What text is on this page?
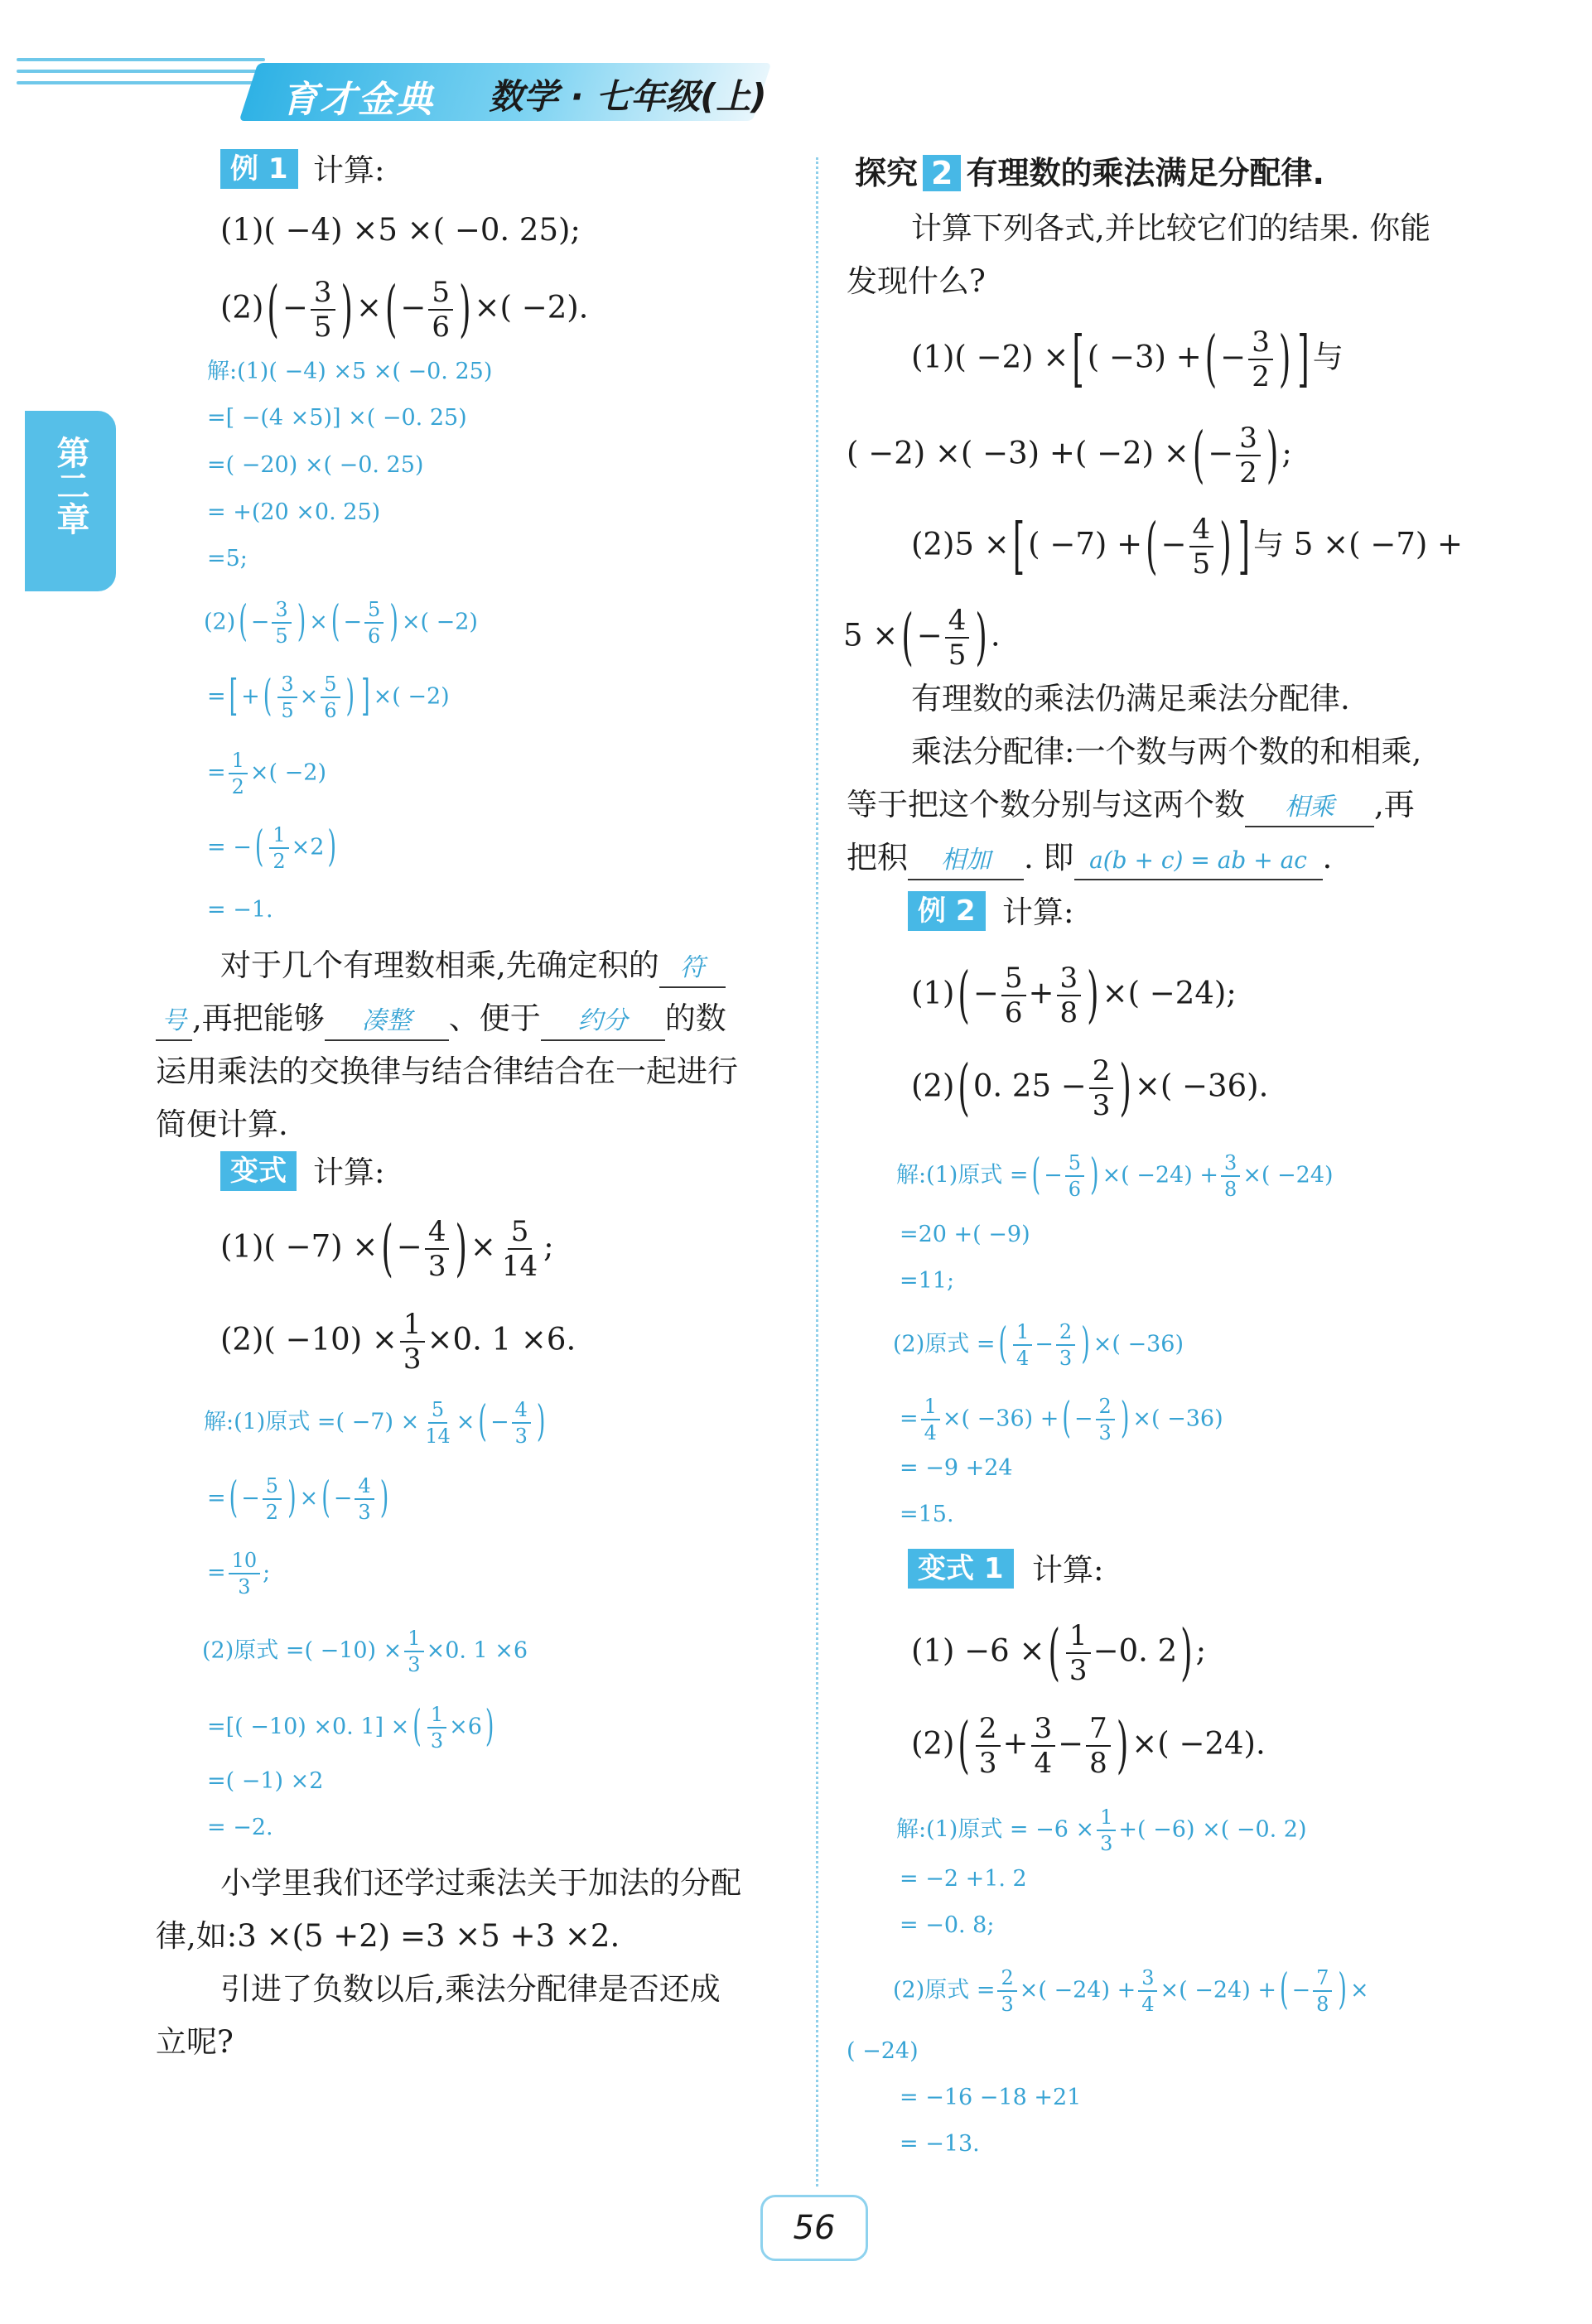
育才金典 数学 · 七年级(上)
第二章
例 1 计算:
(1)( −4) ×5 ×( −0. 25);
(2) ( − $\frac{3}{5}$ ) × ( − $\frac{5}{6}$ ) ×( −2).
解:(1)( −4) ×5 ×( −0. 25)
=[ −(4 ×5)] ×( −0. 25)
=( −20) ×( −0. 25)
= +(20 ×0. 25)
=5;
(2) ( − $\frac{3}{5}$ ) × ( − $\frac{5}{6}$ ) ×( −2)
= [ + ( $\frac{3}{5} \times \frac{5}{6}$ ) ] ×( −2)
= $\frac{1}{2}$ ×( −2)
= − ( $\frac{1}{2} \times 2$ )
= −1.
对于几个有理数相乘,先确定积的 符
号 ,再把能够 凑整 、便于 约分 的数
运用乘法的交换律与结合律结合在一起进行
简便计算.
变式 计算:
(1)( −7) × ( − $\frac{4}{3}$ ) × $\frac{5}{14}$ ;
$(2)( -10) \times \frac{1}{3} \times 0$. 1 ×6.
解:(1)原式 =( $-7) \times \frac{5}{14}$ × ( − $\frac{4}{3}$ )
= ( − $\frac{5}{2}$ ) × ( − $\frac{4}{3}$ )
= $\frac{10}{3}$ ;
(2)原式 =( $-10) \times \frac{1}{3} \times 0$. 1 ×6
=[( −10) ×0. 1] × ( $\frac{1}{3} \times 6$ )
=( −1) ×2
= −2.
小学里我们还学过乘法关于加法的分配
律,如:3 ×(5 +2) =3 ×5 +3 ×2.
引进了负数以后,乘法分配律是否还成
立呢?
探究 2 有理数的乘法满足分配律.
计算下列各式,并比较它们的结果. 你能
发现什么?
(1)( −2) × [ ( −3) + ( − $\frac{3}{2}$ ) ] 与
( −2) ×( −3) +( −2) × ( − $\frac{3}{2}$ ) ;
(2)5 × [ ( −7) + ( − $\frac{4}{5}$ ) ] 与 5 ×( −7) +
5 × ( − $\frac{4}{5}$ ) .
有理数的乘法仍满足乘法分配律.
乘法分配律:一个数与两个数的和相乘,
等于把这个数分别与这两个数 相乘 ,再
把积 相加 . 即 a(b + c) = ab + ac .
例 2 计算:
(1) ( − $\frac{5}{6} + \frac{3}{8}$ ) ×( −24);
(2) ( 0. $25 - \frac{2}{3}$ ) ×( −36).
解:(1)原式 = ( − $\frac{5}{6}$ ) ×( $-24) + \frac{3}{8}$ ×( −24)
=20 +( −9)
=11;
(2)原式 = ( $\frac{1}{4} - \frac{2}{3}$ ) ×( −36)
= $\frac{1}{4}$ ×( −36) + ( − $\frac{2}{3}$ ) ×( −36)
= −9 +24
=15.
变式 1 计算:
(1) −6 × ( $\frac{1}{3} -0$. 2 ) ;
(2) ( $\frac{2}{3} + \frac{3}{4} - \frac{7}{8}$ ) ×( −24).
解:(1)原式 = $-6 \times \frac{1}{3}$ +( −6) ×( −0. 2)
= −2 +1. 2
= −0. 8;
(2)原式 = $\frac{2}{3}$ ×( $-24) + \frac{3}{4}$ ×( −24) + ( − $\frac{7}{8}$ ) ×
( −24)
= −16 −18 +21
= −13.
56
